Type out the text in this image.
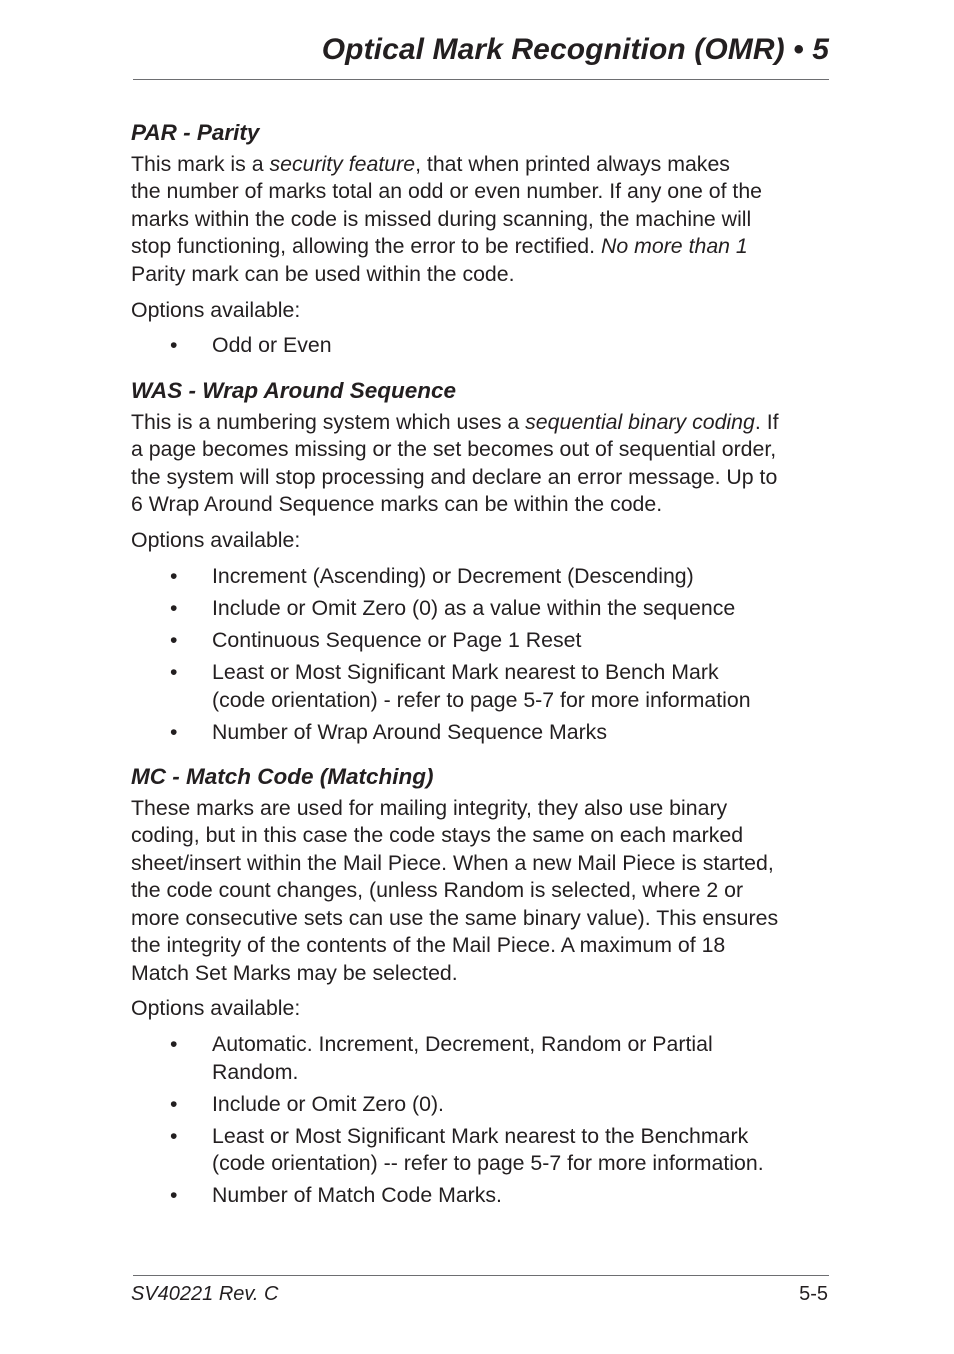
Optical Mark Recognition (OMR) • 5
PAR - Parity

This mark is a security feature, that when printed always makes
the number of marks total an odd or even number. If any one of the
marks within the code is missed during scanning, the machine will
stop functioning, allowing the error to be rectified. No more than 1
Parity mark can be used within the code.

Options available:

• Odd or Even
WAS - Wrap Around Sequence

This is a numbering system which uses a sequential binary coding. If
a page becomes missing or the set becomes out of sequential order,
the system will stop processing and declare an error message. Up to
6 Wrap Around Sequence marks can be within the code.

Options available:

• Increment (Ascending) or Decrement (Descending)
• Include or Omit Zero (0) as a value within the sequence
• Continuous Sequence or Page 1 Reset
• Least or Most Significant Mark nearest to Bench Mark
(code orientation) - refer to page 5-7 for more information
• Number of Wrap Around Sequence Marks
MC - Match Code (Matching)

These marks are used for mailing integrity, they also use binary
coding, but in this case the code stays the same on each marked
sheet/insert within the Mail Piece. When a new Mail Piece is started,
the code count changes, (unless Random is selected, where 2 or
more consecutive sets can use the same binary value). This ensures
the integrity of the contents of the Mail Piece. A maximum of 18
Match Set Marks may be selected.

Options available:

• Automatic. Increment, Decrement, Random or Partial
Random.
• Include or Omit Zero (0).
• Least or Most Significant Mark nearest to the Benchmark
(code orientation) -- refer to page 5-7 for more information.
• Number of Match Code Marks.
SV40221 Rev. C	5-5
